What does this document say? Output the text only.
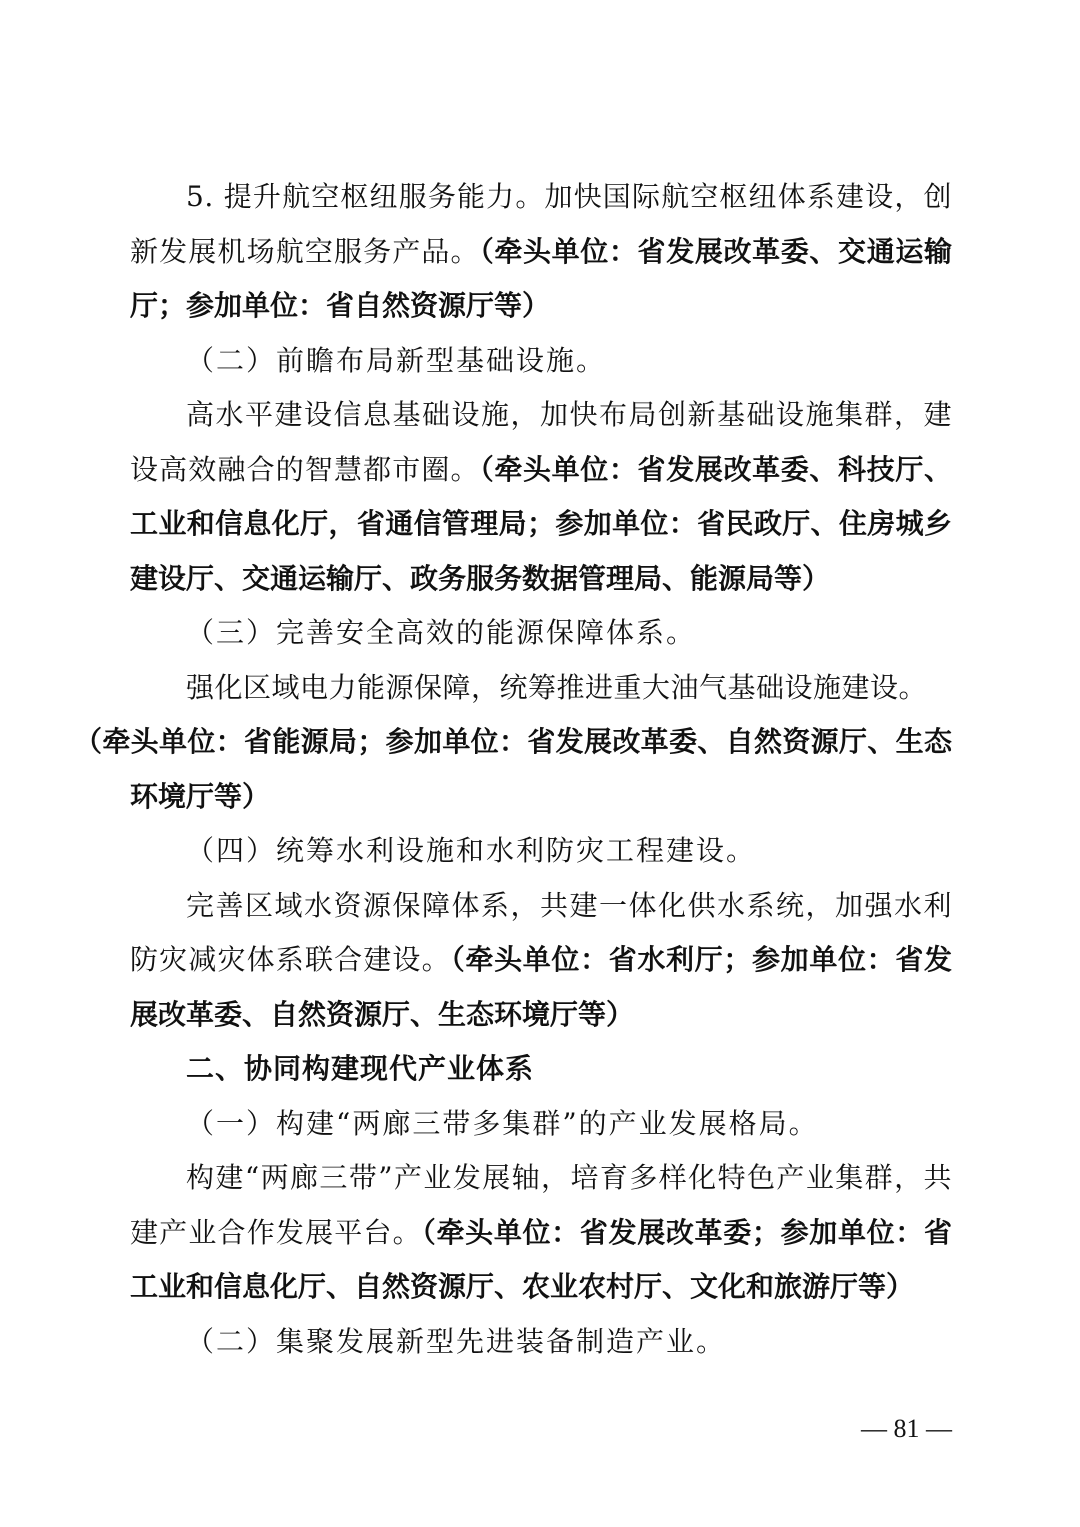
5. 提升航空枢纽服务能力。加快国际航空枢纽体系建设，创新发展机场航空服务产品。（牵头单位：省发展改革委、交通运输厅；参加单位：省自然资源厅等）

（二）前瞻布局新型基础设施。

高水平建设信息基础设施，加快布局创新基础设施集群，建设高效融合的智慧都市圈。（牵头单位：省发展改革委、科技厅、工业和信息化厅，省通信管理局；参加单位：省民政厅、住房城乡建设厅、交通运输厅、政务服务数据管理局、能源局等）

（三）完善安全高效的能源保障体系。

强化区域电力能源保障，统筹推进重大油气基础设施建设。
（牵头单位：省能源局；参加单位：省发展改革委、自然资源厅、生态环境厅等）

（四）统筹水利设施和水利防灾工程建设。

完善区域水资源保障体系，共建一体化供水系统，加强水利防灾减灾体系联合建设。（牵头单位：省水利厅；参加单位：省发展改革委、自然资源厅、生态环境厅等）

二、协同构建现代产业体系

（一）构建“两廊三带多集群”的产业发展格局。

构建“两廊三带”产业发展轴，培育多样化特色产业集群，共建产业合作发展平台。（牵头单位：省发展改革委；参加单位：省工业和信息化厅、自然资源厅、农业农村厅、文化和旅游厅等）

（二）集聚发展新型先进装备制造产业。

— 81 —
